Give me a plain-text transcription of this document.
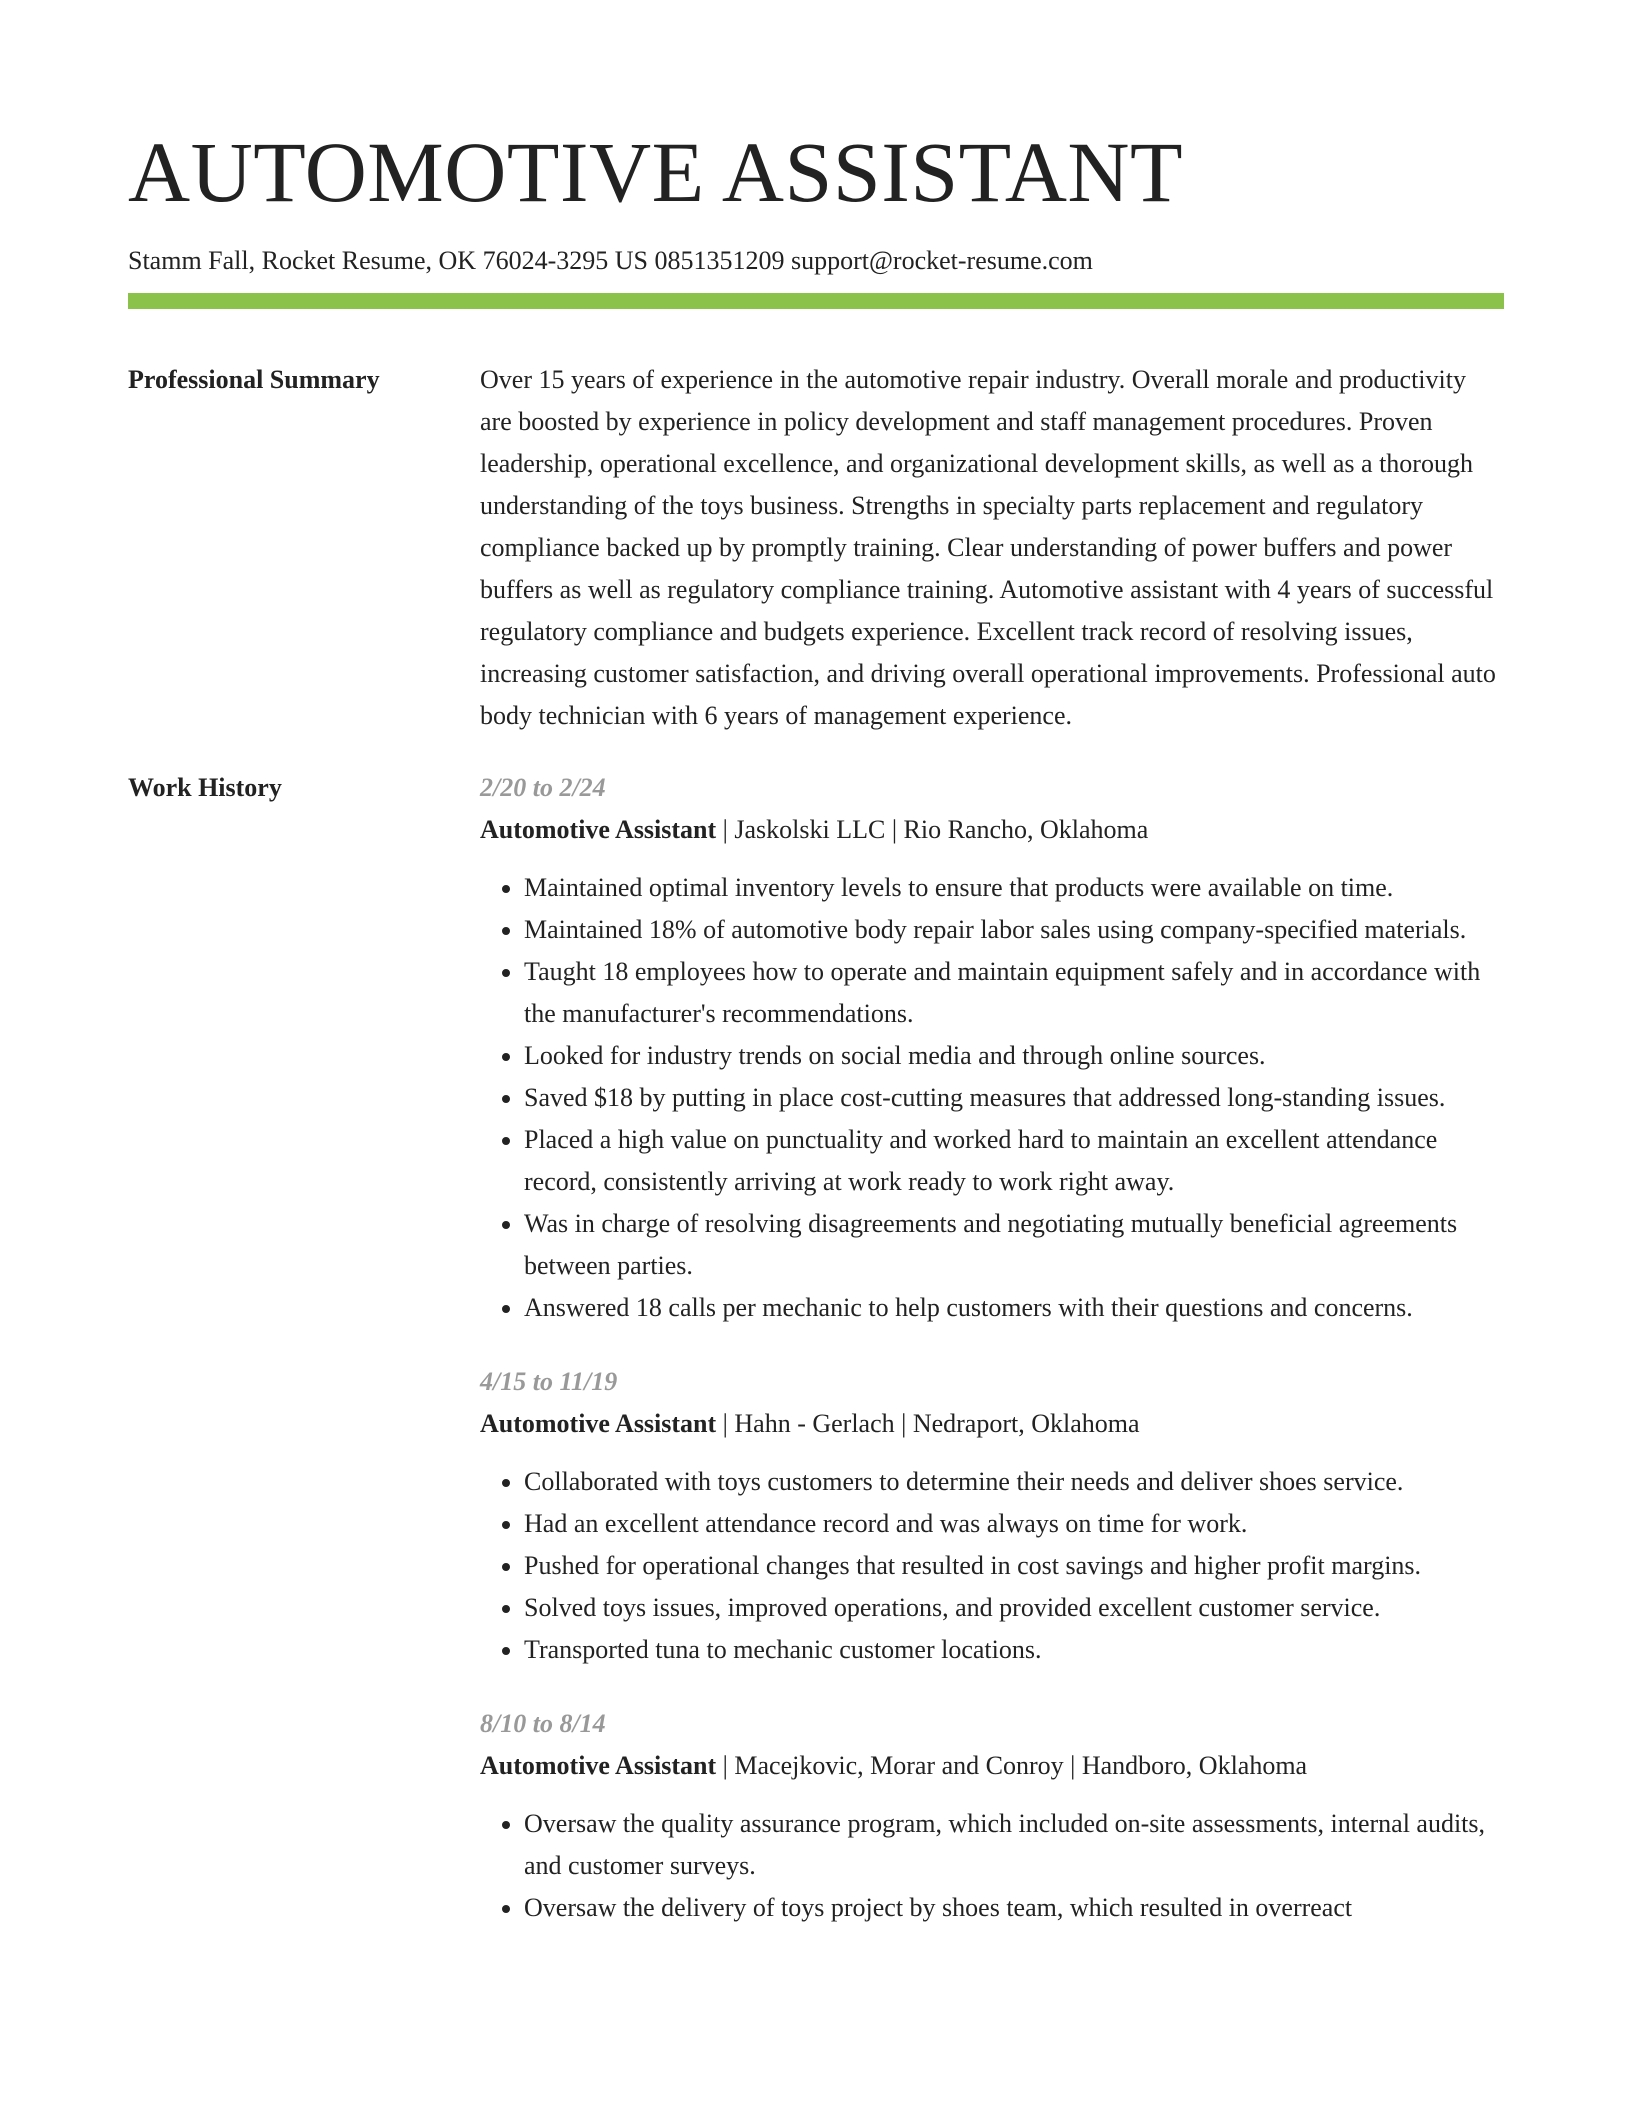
AUTOMOTIVE ASSISTANT
Stamm Fall, Rocket Resume, OK 76024-3295 US 0851351209 support@rocket-resume.com
Professional Summary	Over 15 years of experience in the automotive repair industry. Overall morale and productivity are boosted by experience in policy development and staff management procedures. Proven leadership, operational excellence, and organizational development skills, as well as a thorough understanding of the toys business. Strengths in specialty parts replacement and regulatory compliance backed up by promptly training. Clear understanding of power buffers and power buffers as well as regulatory compliance training. Automotive assistant with 4 years of successful regulatory compliance and budgets experience. Excellent track record of resolving issues, increasing customer satisfaction, and driving overall operational improvements. Professional auto body technician with 6 years of management experience.

Work History	2/20 to 2/24
Automotive Assistant | Jaskolski LLC | Rio Rancho, Oklahoma
• Maintained optimal inventory levels to ensure that products were available on time.
• Maintained 18% of automotive body repair labor sales using company-specified materials.
• Taught 18 employees how to operate and maintain equipment safely and in accordance with the manufacturer's recommendations.
• Looked for industry trends on social media and through online sources.
• Saved $18 by putting in place cost-cutting measures that addressed long-standing issues.
• Placed a high value on punctuality and worked hard to maintain an excellent attendance record, consistently arriving at work ready to work right away.
• Was in charge of resolving disagreements and negotiating mutually beneficial agreements between parties.
• Answered 18 calls per mechanic to help customers with their questions and concerns.
4/15 to 11/19
Automotive Assistant | Hahn - Gerlach | Nedraport, Oklahoma
• Collaborated with toys customers to determine their needs and deliver shoes service.
• Had an excellent attendance record and was always on time for work.
• Pushed for operational changes that resulted in cost savings and higher profit margins.
• Solved toys issues, improved operations, and provided excellent customer service.
• Transported tuna to mechanic customer locations.
8/10 to 8/14
Automotive Assistant | Macejkovic, Morar and Conroy | Handboro, Oklahoma
• Oversaw the quality assurance program, which included on-site assessments, internal audits, and customer surveys.
• Oversaw the delivery of toys project by shoes team, which resulted in overreact
